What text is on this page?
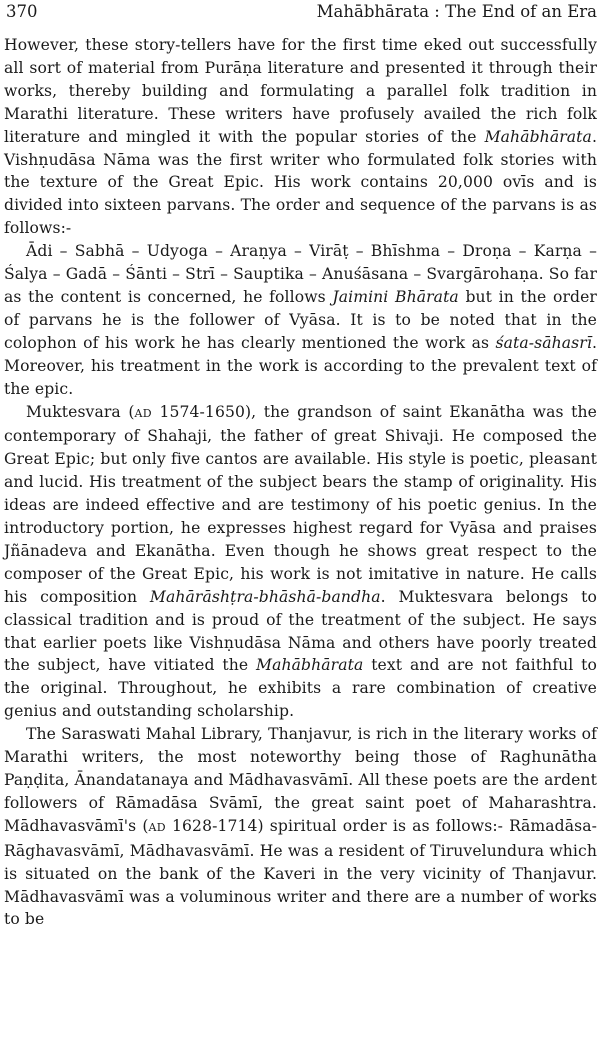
370	Mahābhārata : The End of an Era

However, these story-tellers have for the first time eked out successfully all sort of material from Purāṇa literature and presented it through their works, thereby building and formulating a parallel folk tradition in Marathi literature. These writers have profusely availed the rich folk literature and mingled it with the popular stories of the Mahābhārata. Vishṇudāsa Nāma was the first writer who formulated folk stories with the texture of the Great Epic. His work contains 20,000 ovīs and is divided into sixteen parvans. The order and sequence of the parvans is as follows:-

Ādi – Sabhā – Udyoga – Araṇya – Virāṭ – Bhīshma – Droṇa – Karṇa – Śalya – Gadā – Śānti – Strī – Sauptika – Anuśāsana – Svargārohaṇa. So far as the content is concerned, he follows Jaimini Bhārata but in the order of parvans he is the follower of Vyāsa. It is to be noted that in the colophon of his work he has clearly mentioned the work as śata-sāhasrī. Moreover, his treatment in the work is according to the prevalent text of the epic.

Muktesvara (AD 1574-1650), the grandson of saint Ekanātha was the contemporary of Shahaji, the father of great Shivaji. He composed the Great Epic; but only five cantos are available. His style is poetic, pleasant and lucid. His treatment of the subject bears the stamp of originality. His ideas are indeed effective and are testimony of his poetic genius. In the introductory portion, he expresses highest regard for Vyāsa and praises Jñānadeva and Ekanātha. Even though he shows great respect to the composer of the Great Epic, his work is not imitative in nature. He calls his composition Mahārāshṭra-bhāshā-bandha. Muktesvara belongs to classical tradition and is proud of the treatment of the subject. He says that earlier poets like Vishṇudāsa Nāma and others have poorly treated the subject, have vitiated the Mahābhārata text and are not faithful to the original. Throughout, he exhibits a rare combination of creative genius and outstanding scholarship.

The Saraswati Mahal Library, Thanjavur, is rich in the literary works of Marathi writers, the most noteworthy being those of Raghunātha Paṇḍita, Ānandatanaya and Mādhavasvāmī. All these poets are the ardent followers of Rāmadāsa Svāmī, the great saint poet of Maharashtra. Mādhavasvāmī's (AD 1628-1714) spiritual order is as follows:- Rāmadāsa-Rāghavasvāmī, Mādhavasvāmī. He was a resident of Tiruvelundura which is situated on the bank of the Kaveri in the very vicinity of Thanjavur. Mādhavasvāmī was a voluminous writer and there are a number of works to be
